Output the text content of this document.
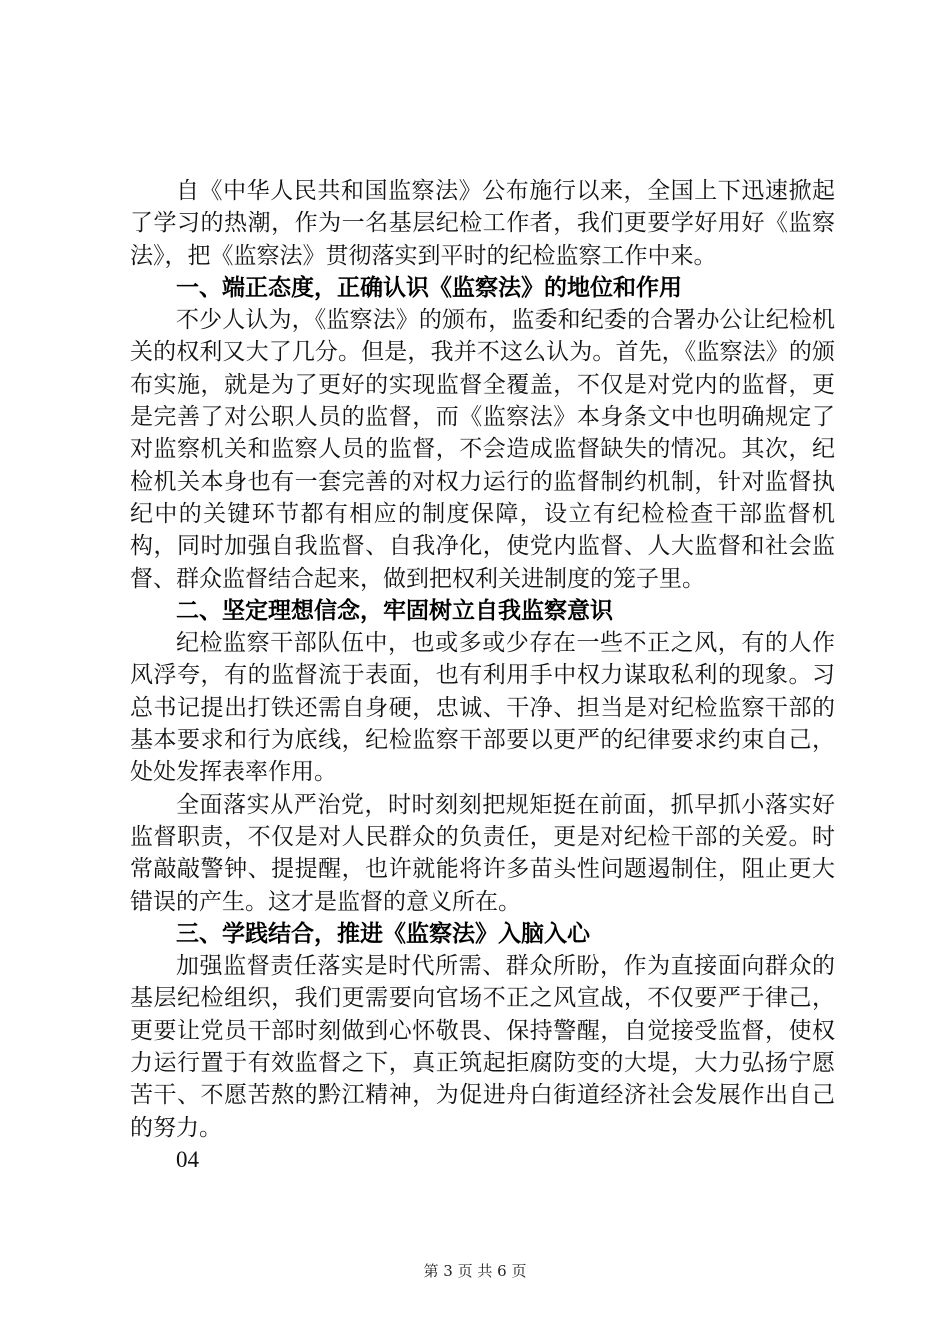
自《中华人民共和国监察法》公布施行以来，全国上下迅速掀起了学习的热潮，作为一名基层纪检工作者，我们更要学好用好《监察法》，把《监察法》贯彻落实到平时的纪检监察工作中来。

一、端正态度，正确认识《监察法》的地位和作用

不少人认为，《监察法》的颁布，监委和纪委的合署办公让纪检机关的权利又大了几分。但是，我并不这么认为。首先，《监察法》的颁布实施，就是为了更好的实现监督全覆盖，不仅是对党内的监督，更是完善了对公职人员的监督，而《监察法》本身条文中也明确规定了对监察机关和监察人员的监督，不会造成监督缺失的情况。其次，纪检机关本身也有一套完善的对权力运行的监督制约机制，针对监督执纪中的关键环节都有相应的制度保障，设立有纪检检查干部监督机构，同时加强自我监督、自我净化，使党内监督、人大监督和社会监督、群众监督结合起来，做到把权利关进制度的笼子里。

二、坚定理想信念，牢固树立自我监察意识

纪检监察干部队伍中，也或多或少存在一些不正之风，有的人作风浮夸，有的监督流于表面，也有利用手中权力谋取私利的现象。习总书记提出打铁还需自身硬，忠诚、干净、担当是对纪检监察干部的基本要求和行为底线，纪检监察干部要以更严的纪律要求约束自己，处处发挥表率作用。

全面落实从严治党，时时刻刻把规矩挺在前面，抓早抓小落实好监督职责，不仅是对人民群众的负责任，更是对纪检干部的关爱。时常敲敲警钟、提提醒，也许就能将许多苗头性问题遏制住，阻止更大错误的产生。这才是监督的意义所在。

三、学践结合，推进《监察法》入脑入心

加强监督责任落实是时代所需、群众所盼，作为直接面向群众的基层纪检组织，我们更需要向官场不正之风宣战，不仅要严于律己，更要让党员干部时刻做到心怀敬畏、保持警醒，自觉接受监督，使权力运行置于有效监督之下，真正筑起拒腐防变的大堤，大力弘扬宁愿苦干、不愿苦熬的黔江精神，为促进舟白街道经济社会发展作出自己的努力。

04

第 3 页 共 6 页
